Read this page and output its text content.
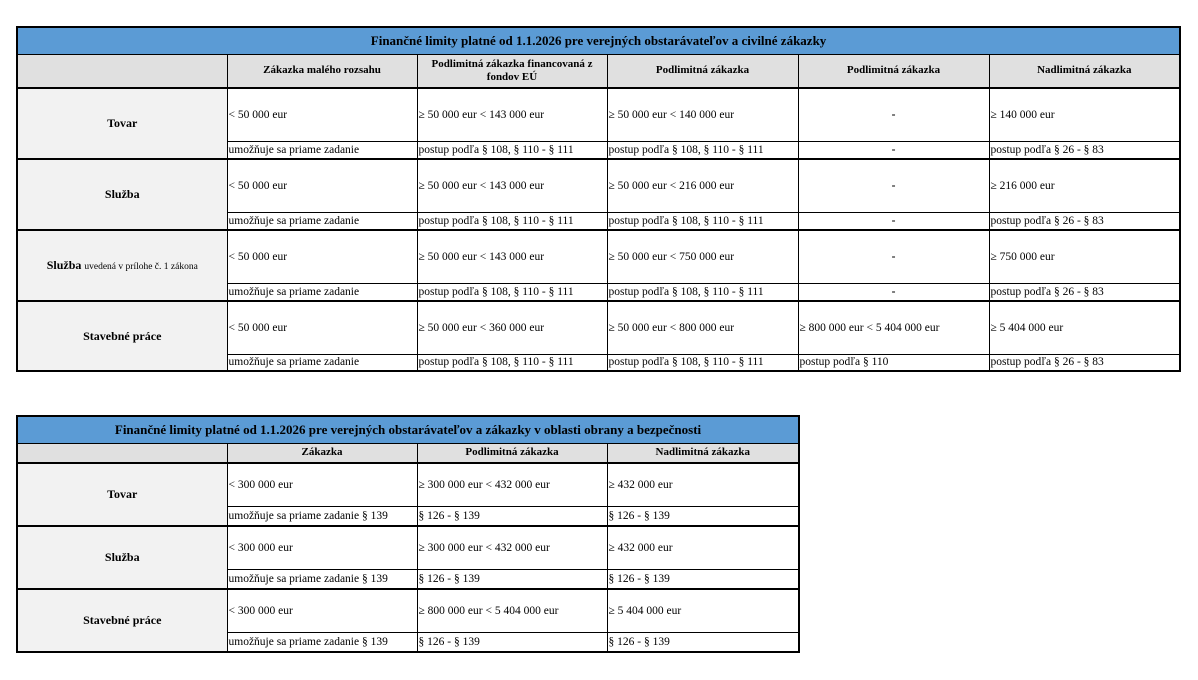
Finančné limity platné od 1.1.2026 pre verejných obstarávateľov a civilné zákazky					
	Zákazka malého rozsahu	Podlimitná zákazka financovaná z fondov EÚ	Podlimitná zákazka	Podlimitná zákazka	Nadlimitná zákazka
Tovar	< 50 000 eur	≥ 50 000 eur < 143 000 eur	≥ 50 000 eur < 140 000 eur	-	≥ 140 000 eur
	umožňuje sa priame zadanie	postup podľa § 108, § 110 - § 111	postup podľa § 108, § 110 - § 111	-	postup podľa § 26 - § 83
Služba	< 50 000 eur	≥ 50 000 eur < 143 000 eur	≥ 50 000 eur < 216 000 eur	-	≥ 216 000 eur
	umožňuje sa priame zadanie	postup podľa § 108, § 110 - § 111	postup podľa § 108, § 110 - § 111	-	postup podľa § 26 - § 83
Služba uvedená v prílohe č. 1 zákona	< 50 000 eur	≥ 50 000 eur < 143 000 eur	≥ 50 000 eur < 750 000 eur	-	≥ 750 000 eur
	umožňuje sa priame zadanie	postup podľa § 108, § 110 - § 111	postup podľa § 108, § 110 - § 111	-	postup podľa § 26 - § 83
Stavebné práce	< 50 000 eur	≥ 50 000 eur < 360 000 eur	≥ 50 000 eur < 800 000 eur	≥ 800 000 eur < 5 404 000 eur	≥ 5 404 000 eur
	umožňuje sa priame zadanie	postup podľa § 108, § 110 - § 111	postup podľa § 108, § 110 - § 111	postup podľa § 110	postup podľa § 26 - § 83
Finančné limity platné od 1.1.2026 pre verejných obstarávateľov a zákazky v oblasti obrany a bezpečnosti			
	Zákazka	Podlimitná zákazka	Nadlimitná zákazka
Tovar	< 300 000 eur	≥ 300 000 eur < 432 000 eur	≥ 432 000 eur
	umožňuje sa priame zadanie § 139	§ 126 - § 139	§ 126 - § 139
Služba	< 300 000 eur	≥ 300 000 eur < 432 000 eur	≥ 432 000 eur
	umožňuje sa priame zadanie § 139	§ 126 - § 139	§ 126 - § 139
Stavebné práce	< 300 000 eur	≥ 800 000 eur < 5 404 000 eur	≥ 5 404 000 eur
	umožňuje sa priame zadanie § 139	§ 126 - § 139	§ 126 - § 139
